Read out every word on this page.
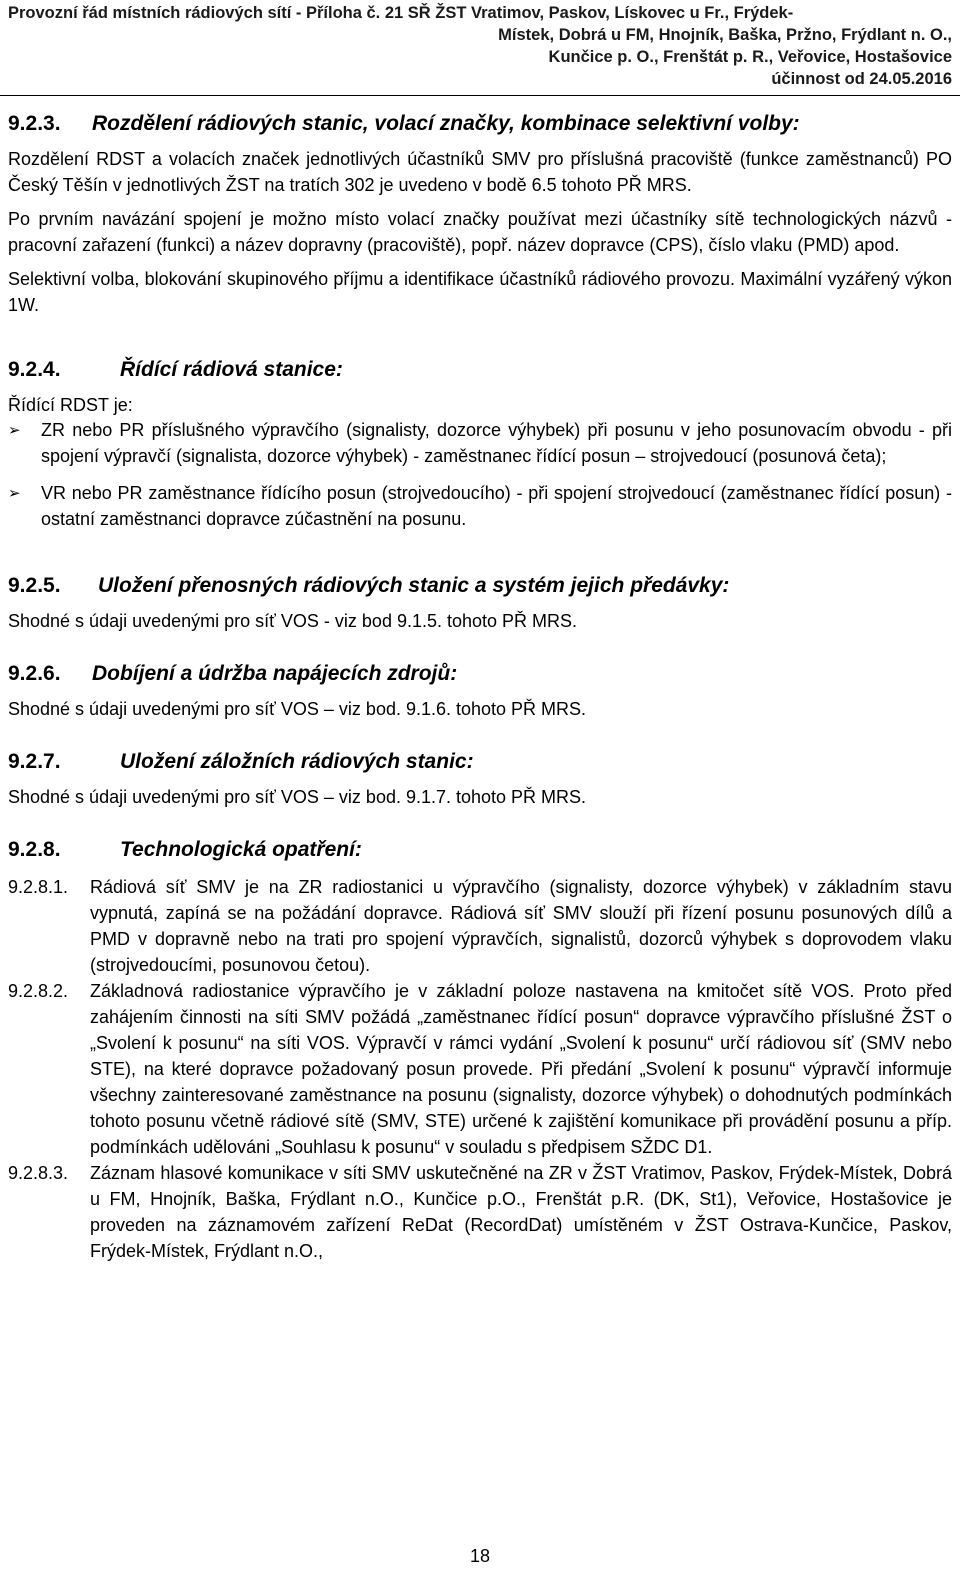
Provozní řád místních rádiových sítí - Příloha č. 21 SŘ ŽST Vratimov, Paskov, Lískovec u Fr., Frýdek-
Místek, Dobrá u FM, Hnojník, Baška, Pržno, Frýdlant n. O.,
Kunčice p. O., Frenštát p. R., Veřovice, Hostašovice
účinnost od 24.05.2016
9.2.3.	Rozdělení rádiových stanic, volací značky, kombinace selektivní volby:

Rozdělení RDST a volacích značek jednotlivých účastníků SMV pro příslušná pracoviště (funkce zaměstnanců) PO Český Těšín v jednotlivých ŽST na tratích 302 je uvedeno v bodě 6.5 tohoto PŘ MRS.

Po prvním navázání spojení je možno místo volací značky používat mezi účastníky sítě technologických názvů - pracovní zařazení (funkci) a název dopravny (pracoviště), popř. název dopravce (CPS), číslo vlaku (PMD) apod.

Selektivní volba, blokování skupinového příjmu a identifikace účastníků rádiového provozu. Maximální vyzářený výkon 1W.

9.2.4.	Řídící rádiová stanice:

Řídící RDST je:

➢	ZR nebo PR příslušného výpravčího (signalisty, dozorce výhybek) při posunu v jeho posunovacím obvodu - při spojení výpravčí (signalista, dozorce výhybek) - zaměstnanec řídící posun – strojvedoucí (posunová četa);
➢	VR nebo PR zaměstnance řídícího posun (strojvedoucího) - při spojení strojvedoucí (zaměstnanec řídící posun) - ostatní zaměstnanci dopravce zúčastnění na posunu.
9.2.5.	Uložení přenosných rádiových stanic a systém jejich předávky:

Shodné s údaji uvedenými pro síť VOS - viz bod 9.1.5. tohoto PŘ MRS.

9.2.6.	Dobíjení a údržba napájecích zdrojů:

Shodné s údaji uvedenými pro síť VOS – viz bod. 9.1.6. tohoto PŘ MRS.

9.2.7.	Uložení záložních rádiových stanic:

Shodné s údaji uvedenými pro síť VOS – viz bod. 9.1.7. tohoto PŘ MRS.

9.2.8.	Technologická opatření:
9.2.8.1.	Rádiová síť SMV je na ZR radiostanici u výpravčího (signalisty, dozorce výhybek) v základním stavu vypnutá, zapíná se na požádání dopravce. Rádiová síť SMV slouží při řízení posunu posunových dílů a PMD v dopravně nebo na trati pro spojení výpravčích, signalistů, dozorců výhybek s doprovodem vlaku (strojvedoucími, posunovou četou).
9.2.8.2.	Základnová radiostanice výpravčího je v základní poloze nastavena na kmitočet sítě VOS. Proto před zahájením činnosti na síti SMV požádá „zaměstnanec řídící posun“ dopravce výpravčího příslušné ŽST o „Svolení k posunu“ na síti VOS. Výpravčí v rámci vydání „Svolení k posunu“ určí rádiovou síť (SMV nebo STE), na které dopravce požadovaný posun provede. Při předání „Svolení k posunu“ výpravčí informuje všechny zainteresované zaměstnance na posunu (signalisty, dozorce výhybek) o dohodnutých podmínkách tohoto posunu včetně rádiové sítě (SMV, STE) určené k zajištění komunikace při provádění posunu a příp. podmínkách udělováni „Souhlasu k posunu“ v souladu s předpisem SŽDC D1.
9.2.8.3.	Záznam hlasové komunikace v síti SMV uskutečněné na ZR v ŽST Vratimov, Paskov, Frýdek-Místek, Dobrá u FM, Hnojník, Baška, Frýdlant n.O., Kunčice p.O., Frenštát p.R. (DK, St1), Veřovice, Hostašovice je proveden na záznamovém zařízení ReDat (RecordDat) umístěném v ŽST Ostrava-Kunčice, Paskov, Frýdek-Místek, Frýdlant n.O.,
18
